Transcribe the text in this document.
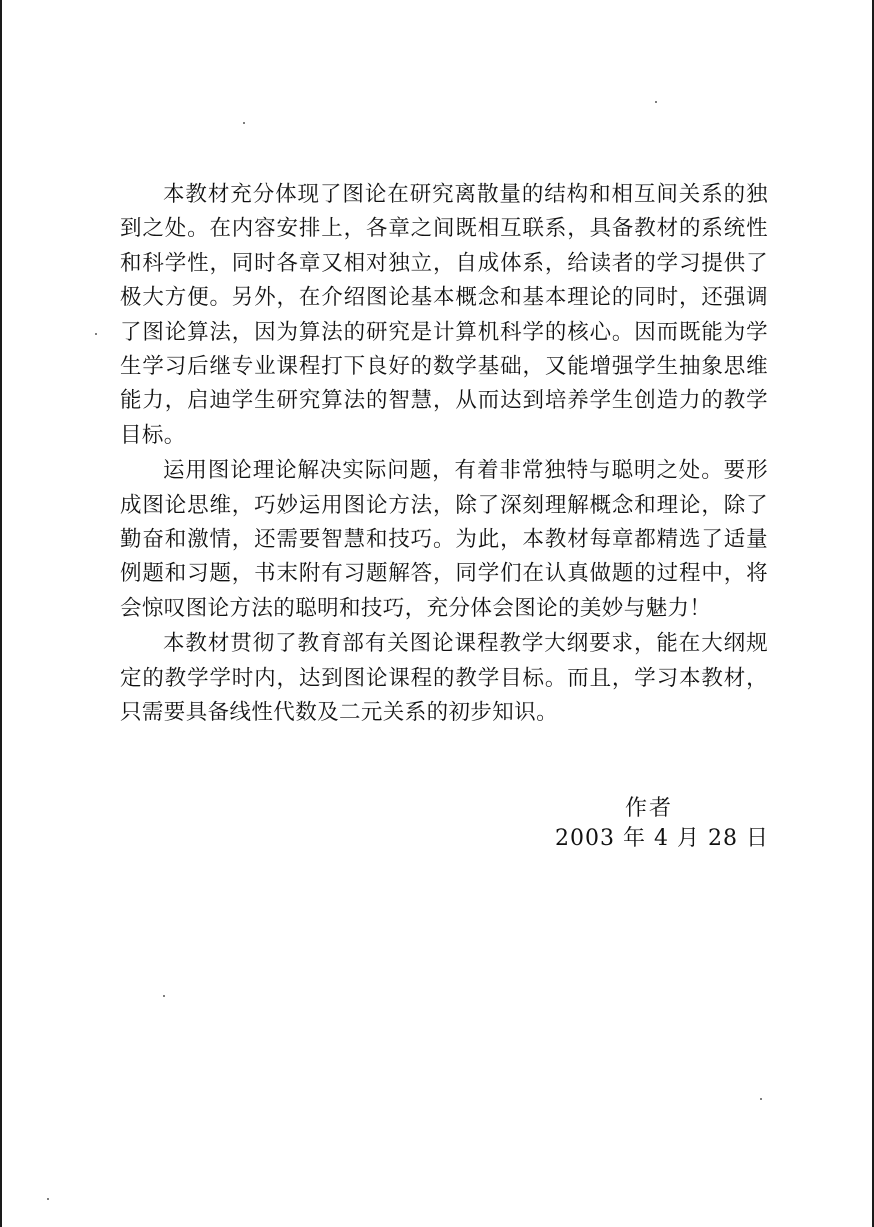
本教材充分体现了图论在研究离散量的结构和相互间关系的独到之处。在内容安排上，各章之间既相互联系，具备教材的系统性和科学性，同时各章又相对独立，自成体系，给读者的学习提供了极大方便。另外，在介绍图论基本概念和基本理论的同时，还强调了图论算法，因为算法的研究是计算机科学的核心。因而既能为学生学习后继专业课程打下良好的数学基础，又能增强学生抽象思维能力，启迪学生研究算法的智慧，从而达到培养学生创造力的教学目标。

运用图论理论解决实际问题，有着非常独特与聪明之处。要形成图论思维，巧妙运用图论方法，除了深刻理解概念和理论，除了勤奋和激情，还需要智慧和技巧。为此，本教材每章都精选了适量例题和习题，书末附有习题解答，同学们在认真做题的过程中，将会惊叹图论方法的聪明和技巧，充分体会图论的美妙与魅力！

本教材贯彻了教育部有关图论课程教学大纲要求，能在大纲规定的教学学时内，达到图论课程的教学目标。而且，学习本教材，只需要具备线性代数及二元关系的初步知识。

作者
2003 年 4 月 28 日
